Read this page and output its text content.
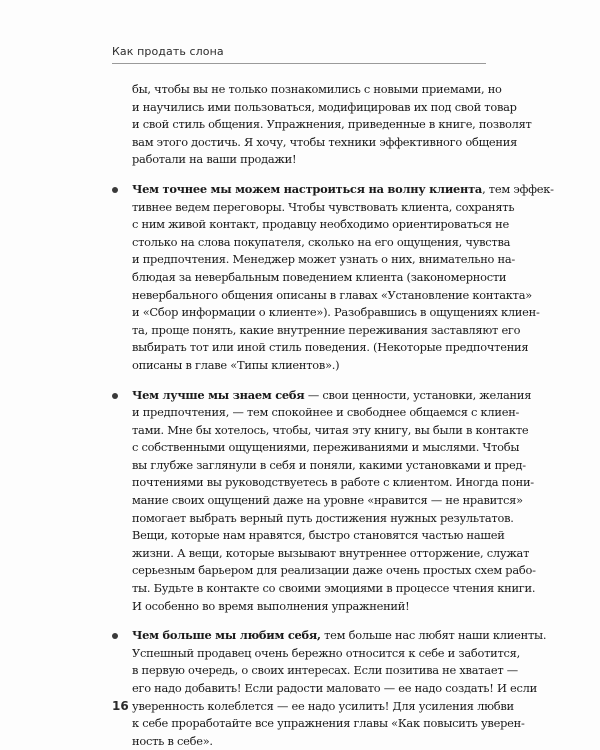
Как продать слона

бы, чтобы вы не только познакомились с новыми приемами, но
и научились ими пользоваться, модифицировав их под свой товар
и свой стиль общения. Упражнения, приведенные в книге, позволят
вам этого достичь. Я хочу, чтобы техники эффективного общения
работали на ваши продажи!

Чем точнее мы можем настроиться на волну клиента, тем эффек-
тивнее ведем переговоры. Чтобы чувствовать клиента, сохранять
с ним живой контакт, продавцу необходимо ориентироваться не
столько на слова покупателя, сколько на его ощущения, чувства
и предпочтения. Менеджер может узнать о них, внимательно на-
блюдая за невербальным поведением клиента (закономерности
невербального общения описаны в главах «Установление контакта»
и «Сбор информации о клиенте»). Разобравшись в ощущениях клиен-
та, проще понять, какие внутренние переживания заставляют его
выбирать тот или иной стиль поведения. (Некоторые предпочтения
описаны в главе «Типы клиентов».)
Чем лучше мы знаем себя — свои ценности, установки, желания
и предпочтения, — тем спокойнее и свободнее общаемся с клиен-
тами. Мне бы хотелось, чтобы, читая эту книгу, вы были в контакте
с собственными ощущениями, переживаниями и мыслями. Чтобы
вы глубже заглянули в себя и поняли, какими установками и пред-
почтениями вы руководствуетесь в работе с клиентом. Иногда пони-
мание своих ощущений даже на уровне «нравится — не нравится»
помогает выбрать верный путь достижения нужных результатов.
Вещи, которые нам нравятся, быстро становятся частью нашей
жизни. А вещи, которые вызывают внутреннее отторжение, служат
серьезным барьером для реализации даже очень простых схем рабо-
ты. Будьте в контакте со своими эмоциями в процессе чтения книги.
И особенно во время выполнения упражнений!
Чем больше мы любим себя, тем больше нас любят наши клиенты.
Успешный продавец очень бережно относится к себе и заботится,
в первую очередь, о своих интересах. Если позитива не хватает —
его надо добавить! Если радости маловато — ее надо создать! И если
уверенность колеблется — ее надо усилить! Для усиления любви
к себе проработайте все упражнения главы «Как повысить уверен-
ность в себе».
16
